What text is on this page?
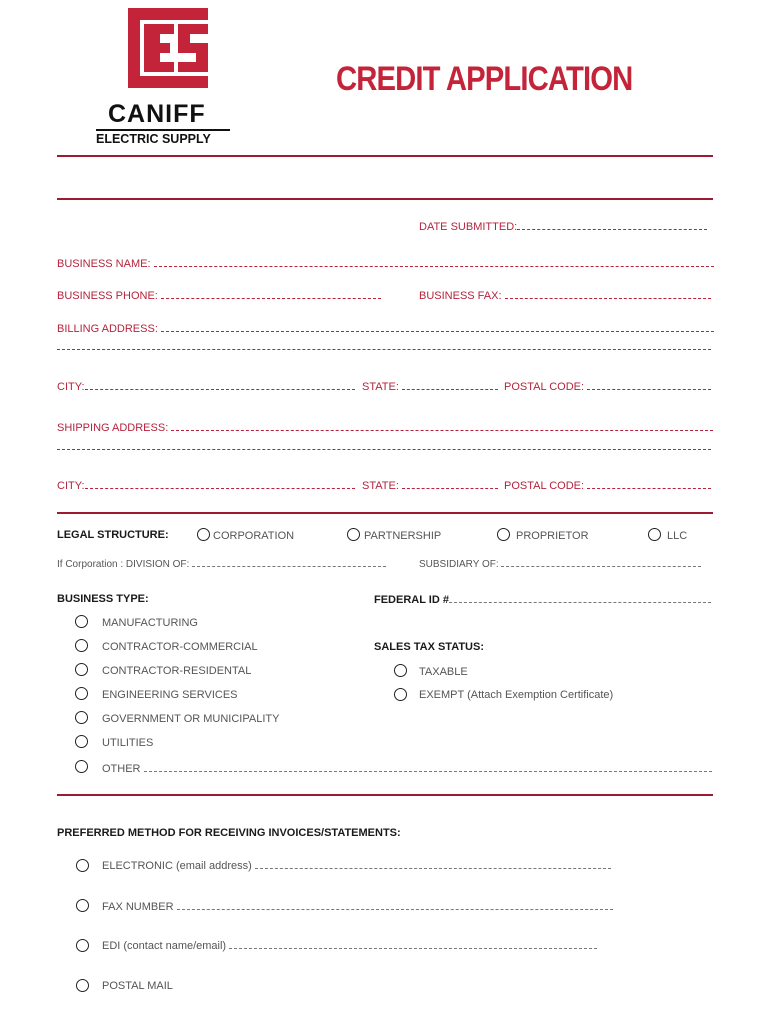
CANIFF
ELECTRIC SUPPLY
CREDIT APPLICATION
DATE SUBMITTED:
BUSINESS NAME:
BUSINESS PHONE:	BUSINESS FAX:
BILLING ADDRESS:
CITY:	STATE:	POSTAL CODE:
SHIPPING ADDRESS:
CITY:	STATE:	POSTAL CODE:
LEGAL STRUCTURE:	CORPORATION	PARTNERSHIP	PROPRIETOR	LLC
If Corporation : DIVISION OF:	SUBSIDIARY OF:
BUSINESS TYPE:
MANUFACTURING
CONTRACTOR-COMMERCIAL
CONTRACTOR-RESIDENTAL
ENGINEERING SERVICES
GOVERNMENT OR MUNICIPALITY
UTILITIES
OTHER
FEDERAL ID #
SALES TAX STATUS:
TAXABLE
EXEMPT (Attach Exemption Certificate)
PREFERRED METHOD FOR RECEIVING INVOICES/STATEMENTS:
ELECTRONIC (email address)
FAX NUMBER
EDI (contact name/email)
POSTAL MAIL
